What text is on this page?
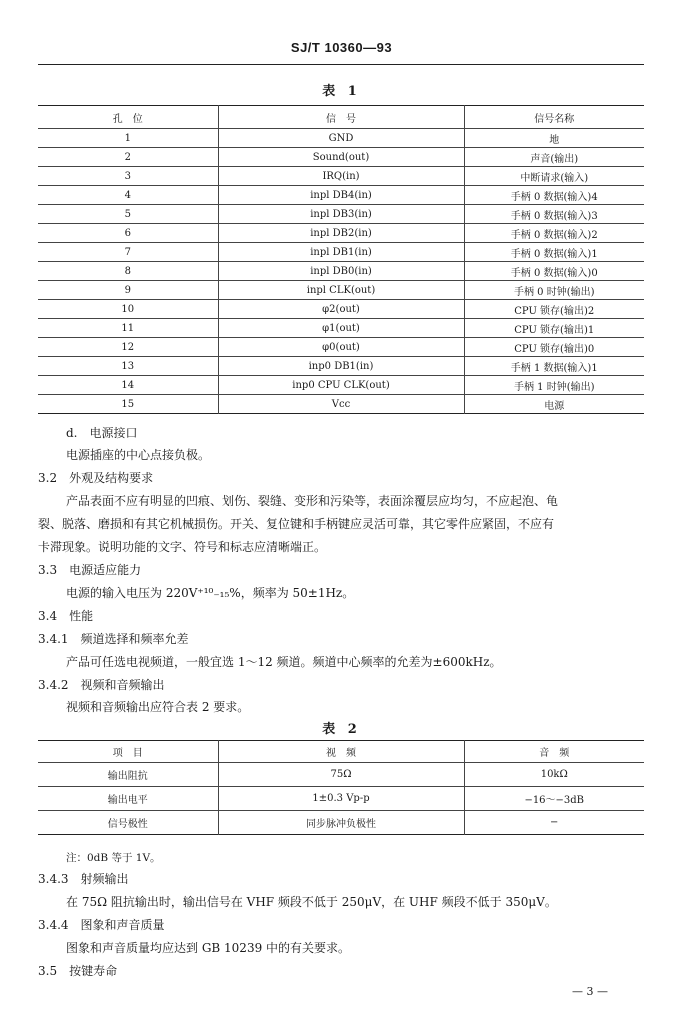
SJ/T 10360—93
表 1
孔　位	信　号	信号名称
1	GND	地
2	Sound(out)	声音(输出)
3	IRQ(in)	中断请求(输入)
4	inpl DB4(in)	手柄 0 数据(输入)4
5	inpl DB3(in)	手柄 0 数据(输入)3
6	inpl DB2(in)	手柄 0 数据(输入)2
7	inpl DB1(in)	手柄 0 数据(输入)1
8	inpl DB0(in)	手柄 0 数据(输入)0
9	inpl CLK(out)	手柄 0 时钟(输出)
10	φ2(out)	CPU 锁存(输出)2
11	φ1(out)	CPU 锁存(输出)1
12	φ0(out)	CPU 锁存(输出)0
13	inp0 DB1(in)	手柄 1 数据(输入)1
14	inp0 CPU CLK(out)	手柄 1 时钟(输出)
15	Vcc	电源
d.　电源接口
电源插座的中心点接负极。
3.2　外观及结构要求
产品表面不应有明显的凹痕、划伤、裂缝、变形和污染等，表面涂覆层应均匀，不应起泡、龟
裂、脱落、磨损和有其它机械损伤。开关、复位键和手柄键应灵活可靠，其它零件应紧固，不应有
卡滞现象。说明功能的文字、符号和标志应清晰端正。
3.3　电源适应能力
电源的输入电压为 220V⁺¹⁰₋₁₅%，频率为 50±1Hz。
3.4　性能
3.4.1　频道选择和频率允差
产品可任选电视频道，一般宜选 1～12 频道。频道中心频率的允差为±600kHz。
3.4.2　视频和音频输出
视频和音频输出应符合表 2 要求。
表 2
项　目	视　频	音　频
输出阻抗	75Ω	10kΩ
输出电平	1±0.3 Vp-p	−16～−3dB
信号极性	同步脉冲负极性	−
注：0dB 等于 1V。
3.4.3　射频输出
在 75Ω 阻抗输出时，输出信号在 VHF 频段不低于 250μV，在 UHF 频段不低于 350μV。
3.4.4　图象和声音质量
图象和声音质量均应达到 GB 10239 中的有关要求。
3.5　按键寿命
— 3 —
